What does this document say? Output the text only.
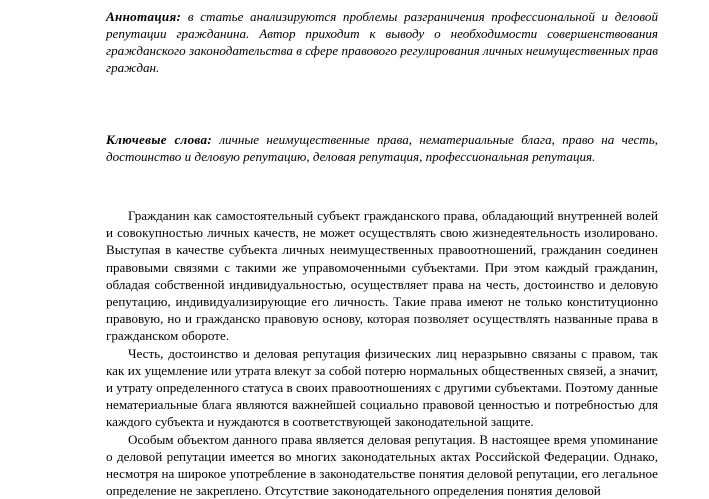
Аннотация: в статье анализируются проблемы разграничения профессиональной и деловой репутации гражданина. Автор приходит к выводу о необходимости совершенствования гражданского законодательства в сфере правового регулирования личных неимущественных прав граждан.

Ключевые слова: личные неимущественные права, нематериальные блага, право на честь, достоинство и деловую репутацию, деловая репутация, профессиональная репутация.

Гражданин как самостоятельный субъект гражданского права, обладающий внутренней волей и совокупностью личных качеств, не может осуществлять свою жизнедеятельность изолировано. Выступая в качестве субъекта личных неимущественных правоотношений, гражданин соединен правовыми связями с такими же управомоченными субъектами. При этом каждый гражданин, обладая собственной индивидуальностью, осуществляет права на честь, достоинство и деловую репутацию, индивидуализирующие его личность. Такие права имеют не только конституционно правовую, но и гражданско правовую основу, которая позволяет осуществлять названные права в гражданском обороте.

Честь, достоинство и деловая репутация физических лиц неразрывно связаны с правом, так как их ущемление или утрата влекут за собой потерю нормальных общественных связей, а значит, и утрату определенного статуса в своих правоотношениях с другими субъектами. Поэтому данные нематериальные блага являются важнейшей социально правовой ценностью и потребностью для каждого субъекта и нуждаются в соответствующей законодательной защите.

Особым объектом данного права является деловая репутация. В настоящее время упоминание о деловой репутации имеется во многих законодательных актах Российской Федерации. Однако, несмотря на широкое употребление в законодательстве понятия деловой репутации, его легальное определение не закреплено. Отсутствие законодательного определения понятия деловой
